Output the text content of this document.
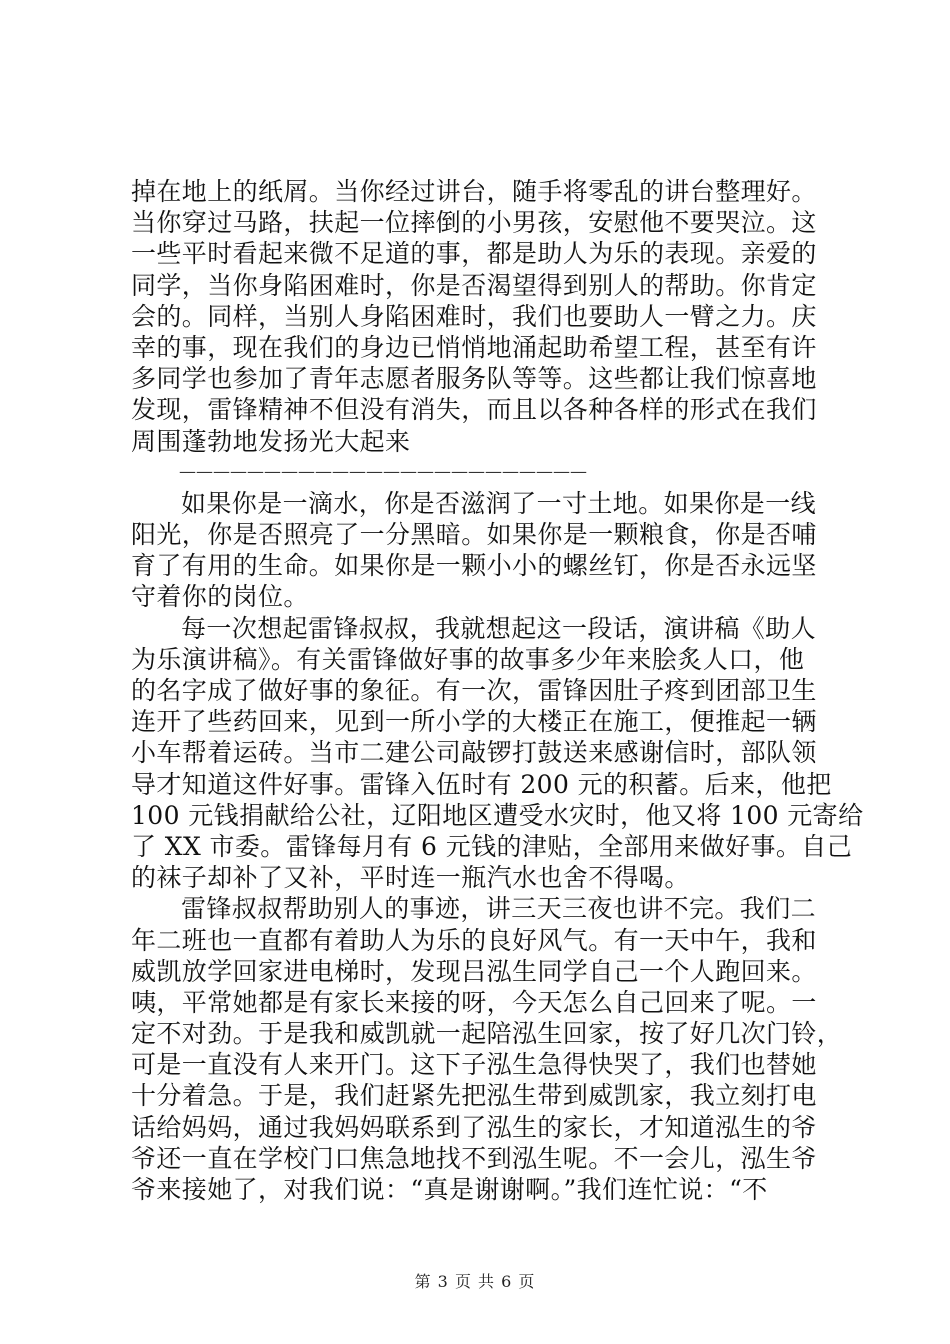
掉在地上的纸屑。当你经过讲台，随手将零乱的讲台整理好。
当你穿过马路，扶起一位摔倒的小男孩，安慰他不要哭泣。这
一些平时看起来微不足道的事，都是助人为乐的表现。亲爱的
同学，当你身陷困难时，你是否渴望得到别人的帮助。你肯定
会的。同样，当别人身陷困难时，我们也要助人一臂之力。庆
幸的事，现在我们的身边已悄悄地涌起助希望工程，甚至有许
多同学也参加了青年志愿者服务队等等。这些都让我们惊喜地
发现，雷锋精神不但没有消失，而且以各种各样的形式在我们
周围蓬勃地发扬光大起来
————————————————————————
如果你是一滴水，你是否滋润了一寸土地。如果你是一线
阳光，你是否照亮了一分黑暗。如果你是一颗粮食，你是否哺
育了有用的生命。如果你是一颗小小的螺丝钉，你是否永远坚
守着你的岗位。
每一次想起雷锋叔叔，我就想起这一段话，演讲稿《助人
为乐演讲稿》。有关雷锋做好事的故事多少年来脍炙人口，他
的名字成了做好事的象征。有一次，雷锋因肚子疼到团部卫生
连开了些药回来，见到一所小学的大楼正在施工，便推起一辆
小车帮着运砖。当市二建公司敲锣打鼓送来感谢信时，部队领
导才知道这件好事。雷锋入伍时有 200 元的积蓄。后来，他把
100 元钱捐献给公社，辽阳地区遭受水灾时，他又将 100 元寄给
了 XX 市委。雷锋每月有 6 元钱的津贴，全部用来做好事。自己
的袜子却补了又补，平时连一瓶汽水也舍不得喝。
雷锋叔叔帮助别人的事迹，讲三天三夜也讲不完。我们二
年二班也一直都有着助人为乐的良好风气。有一天中午，我和
威凯放学回家进电梯时，发现吕泓生同学自己一个人跑回来。
咦，平常她都是有家长来接的呀，今天怎么自己回来了呢。一
定不对劲。于是我和威凯就一起陪泓生回家，按了好几次门铃，
可是一直没有人来开门。这下子泓生急得快哭了，我们也替她
十分着急。于是，我们赶紧先把泓生带到威凯家，我立刻打电
话给妈妈，通过我妈妈联系到了泓生的家长，才知道泓生的爷
爷还一直在学校门口焦急地找不到泓生呢。不一会儿，泓生爷
爷来接她了，对我们说：“真是谢谢啊。”我们连忙说：“不
第 3 页 共 6 页
